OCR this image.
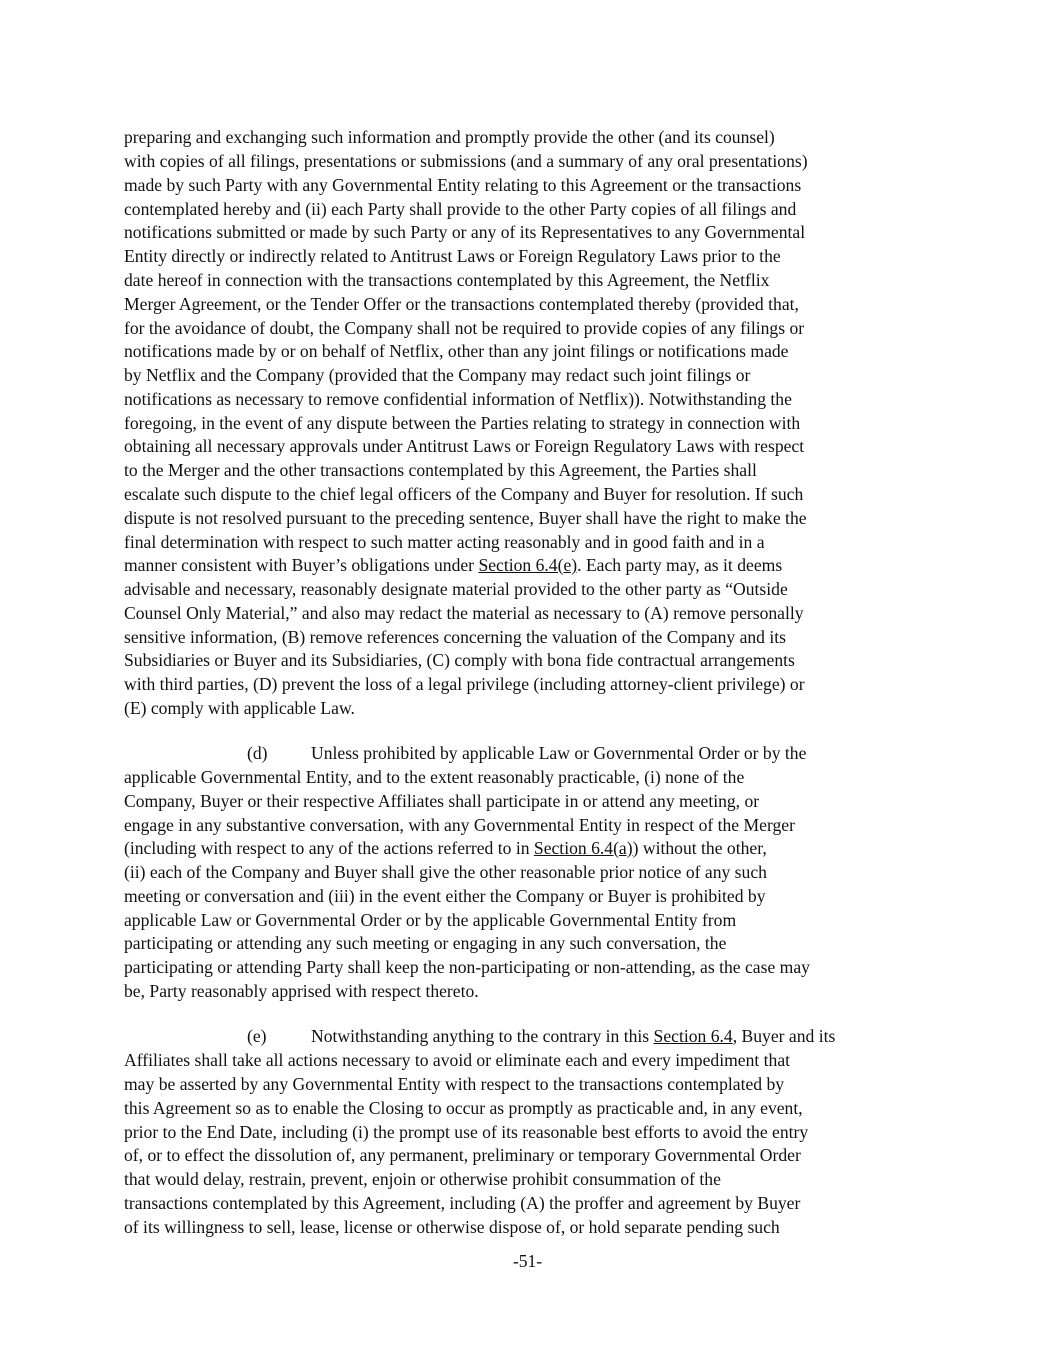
preparing and exchanging such information and promptly provide the other (and its counsel)
with copies of all filings, presentations or submissions (and a summary of any oral presentations)
made by such Party with any Governmental Entity relating to this Agreement or the transactions
contemplated hereby and (ii) each Party shall provide to the other Party copies of all filings and
notifications submitted or made by such Party or any of its Representatives to any Governmental
Entity directly or indirectly related to Antitrust Laws or Foreign Regulatory Laws prior to the
date hereof in connection with the transactions contemplated by this Agreement, the Netflix
Merger Agreement, or the Tender Offer or the transactions contemplated thereby (provided that,
for the avoidance of doubt, the Company shall not be required to provide copies of any filings or
notifications made by or on behalf of Netflix, other than any joint filings or notifications made
by Netflix and the Company (provided that the Company may redact such joint filings or
notifications as necessary to remove confidential information of Netflix)). Notwithstanding the
foregoing, in the event of any dispute between the Parties relating to strategy in connection with
obtaining all necessary approvals under Antitrust Laws or Foreign Regulatory Laws with respect
to the Merger and the other transactions contemplated by this Agreement, the Parties shall
escalate such dispute to the chief legal officers of the Company and Buyer for resolution. If such
dispute is not resolved pursuant to the preceding sentence, Buyer shall have the right to make the
final determination with respect to such matter acting reasonably and in good faith and in a
manner consistent with Buyer’s obligations under Section 6.4(e). Each party may, as it deems
advisable and necessary, reasonably designate material provided to the other party as “Outside
Counsel Only Material,” and also may redact the material as necessary to (A) remove personally
sensitive information, (B) remove references concerning the valuation of the Company and its
Subsidiaries or Buyer and its Subsidiaries, (C) comply with bona fide contractual arrangements
with third parties, (D) prevent the loss of a legal privilege (including attorney-client privilege) or
(E) comply with applicable Law.
(d) Unless prohibited by applicable Law or Governmental Order or by the
applicable Governmental Entity, and to the extent reasonably practicable, (i) none of the
Company, Buyer or their respective Affiliates shall participate in or attend any meeting, or
engage in any substantive conversation, with any Governmental Entity in respect of the Merger
(including with respect to any of the actions referred to in Section 6.4(a)) without the other,
(ii) each of the Company and Buyer shall give the other reasonable prior notice of any such
meeting or conversation and (iii) in the event either the Company or Buyer is prohibited by
applicable Law or Governmental Order or by the applicable Governmental Entity from
participating or attending any such meeting or engaging in any such conversation, the
participating or attending Party shall keep the non-participating or non-attending, as the case may
be, Party reasonably apprised with respect thereto.
(e)	Notwithstanding anything to the contrary in this Section 6.4, Buyer and its
Affiliates shall take all actions necessary to avoid or eliminate each and every impediment that
may be asserted by any Governmental Entity with respect to the transactions contemplated by
this Agreement so as to enable the Closing to occur as promptly as practicable and, in any event,
prior to the End Date, including (i) the prompt use of its reasonable best efforts to avoid the entry
of, or to effect the dissolution of, any permanent, preliminary or temporary Governmental Order
that would delay, restrain, prevent, enjoin or otherwise prohibit consummation of the
transactions contemplated by this Agreement, including (A) the proffer and agreement by Buyer
of its willingness to sell, lease, license or otherwise dispose of, or hold separate pending such
-51-
